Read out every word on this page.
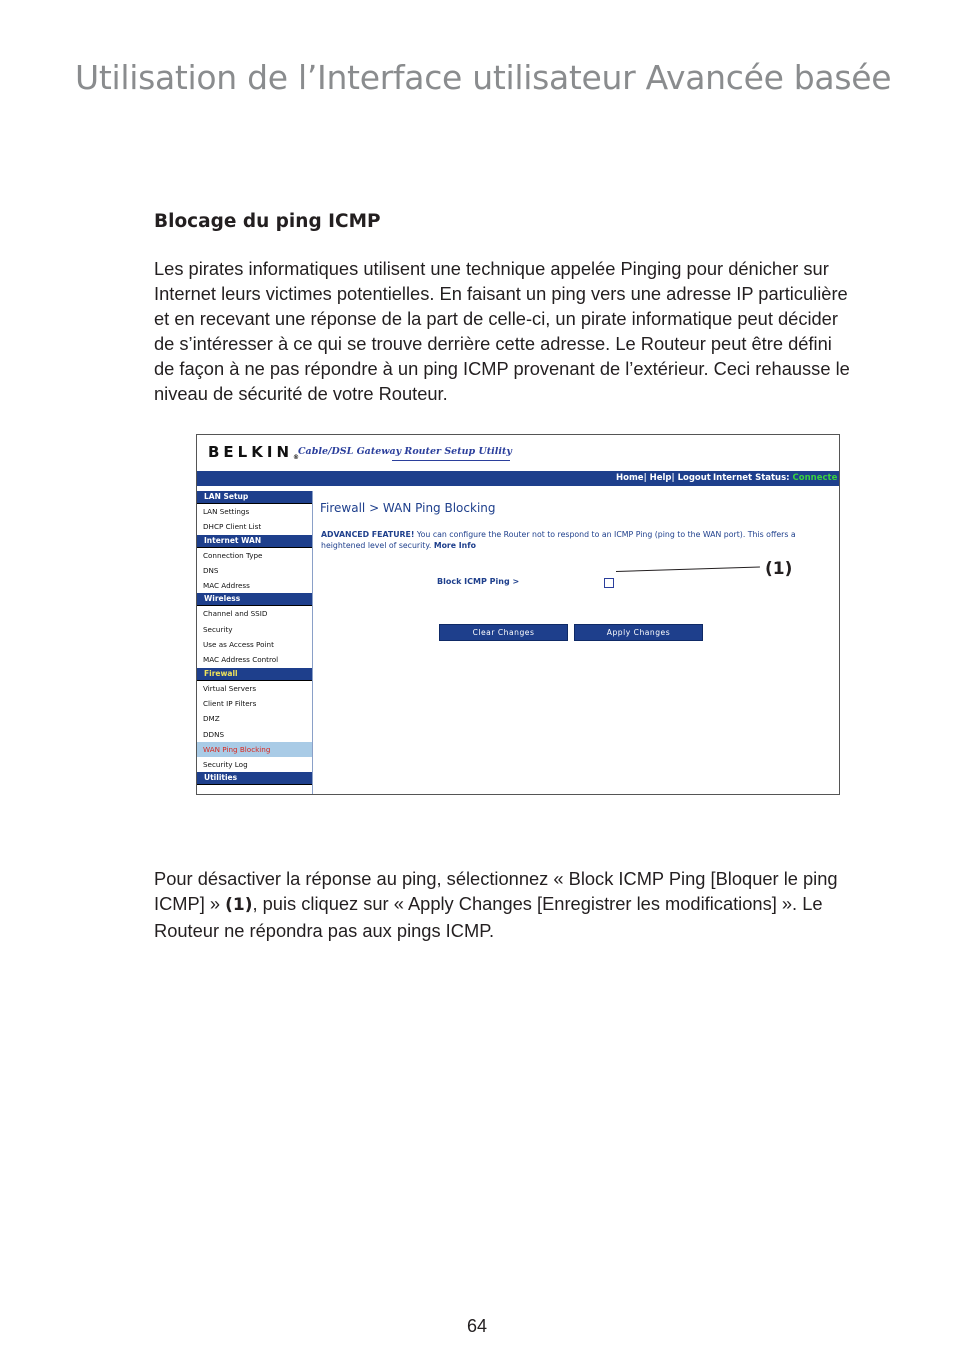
Utilisation de l’Interface utilisateur Avancée basée
Blocage du ping ICMP

Les pirates informatiques utilisent une technique appelée Pinging pour dénicher sur Internet leurs victimes potentielles. En faisant un ping vers une adresse IP particulière et en recevant une réponse de la part de celle-ci, un pirate informatique peut décider de s’intéresser à ce qui se trouve derrière cette adresse. Le Routeur peut être défini de façon à ne pas répondre à un ping ICMP provenant de l’extérieur. Ceci rehausse le niveau de sécurité de votre Routeur.

BELKIN®
Cable/DSL Gateway Router Setup Utility
Home| Help| Logout Internet Status: Connecte
LAN Setup
LAN Settings
DHCP Client List
Internet WAN
Connection Type
DNS
MAC Address
Wireless
Channel and SSID
Security
Use as Access Point
MAC Address Control
Firewall
Virtual Servers
Client IP Filters
DMZ
DDNS
WAN Ping Blocking
Security Log
Utilities
Firewall > WAN Ping Blocking
ADVANCED FEATURE! You can configure the Router not to respond to an ICMP Ping (ping to the WAN port). This offers a heightened level of security. More Info
Block ICMP Ping >
Clear Changes	Apply Changes
(1)

Pour désactiver la réponse au ping, sélectionnez « Block ICMP Ping [Bloquer le ping ICMP] » (1), puis cliquez sur « Apply Changes [Enregistrer les modifications] ». Le Routeur ne répondra pas aux pings ICMP.

64
